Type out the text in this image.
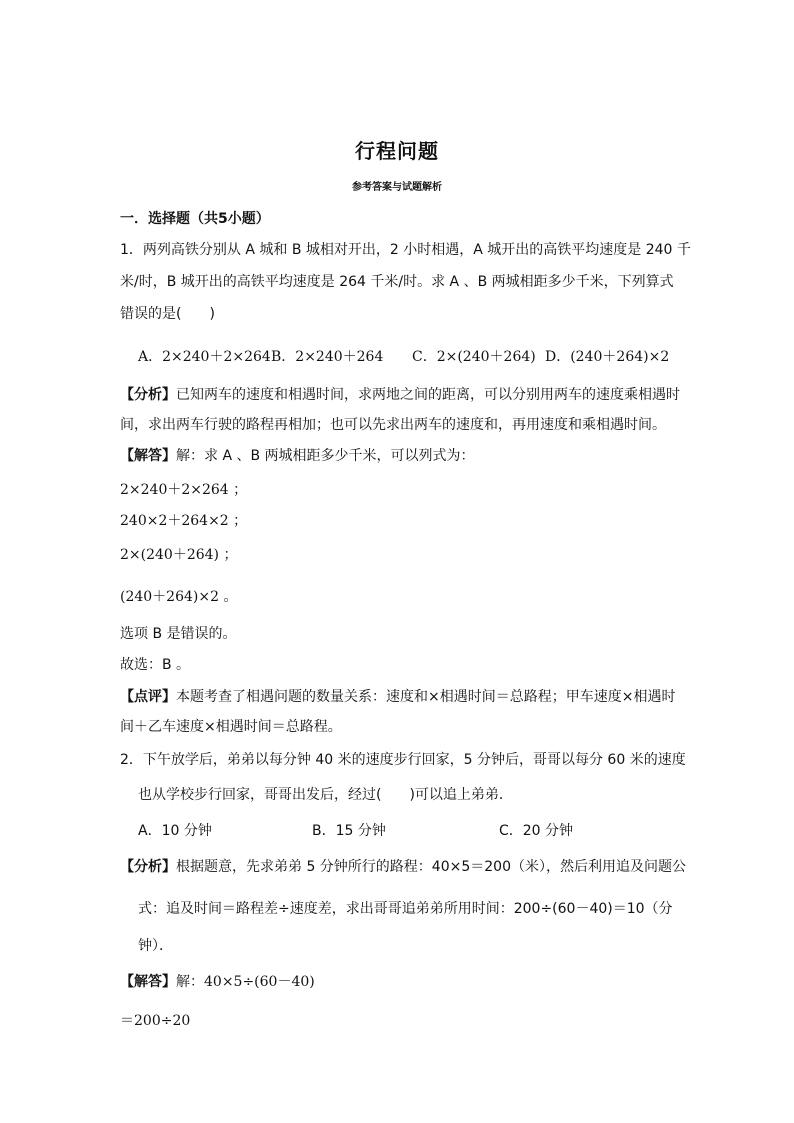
行程问题
参考答案与试题解析
一．选择题（共5小题）
1．两列高铁分别从 A 城和 B 城相对开出，2 小时相遇，A 城开出的高铁平均速度是 240 千
米/时，B 城开出的高铁平均速度是 264 千米/时。求 A 、B 两城相距多少千米，下列算式
错误的是(　　)
A．2×240＋2×264 B．2×240＋264 C．2×(240＋264) D．(240＋264)×2
【分析】已知两车的速度和相遇时间，求两地之间的距离，可以分别用两车的速度乘相遇时
间，求出两车行驶的路程再相加；也可以先求出两车的速度和，再用速度和乘相遇时间。
【解答】解：求 A 、B 两城相距多少千米，可以列式为：
2×240＋2×264 ；
240×2＋264×2 ；
2×(240＋264) ；
(240＋264)×2 。
选项 B 是错误的。
故选：B 。
【点评】本题考查了相遇问题的数量关系：速度和×相遇时间＝总路程；甲车速度×相遇时
间＋乙车速度×相遇时间＝总路程。
2．下午放学后，弟弟以每分钟 40 米的速度步行回家，5 分钟后，哥哥以每分 60 米的速度
也从学校步行回家，哥哥出发后，经过(　　)可以追上弟弟．
A．10 分钟	B．15 分钟	C．20 分钟
【分析】根据题意，先求弟弟 5 分钟所行的路程：40×5＝200（米），然后利用追及问题公
式：追及时间＝路程差÷速度差，求出哥哥追弟弟所用时间：200÷(60－40)＝10（分
钟）．
【解答】解：40×5÷(60－40)
＝200÷20
